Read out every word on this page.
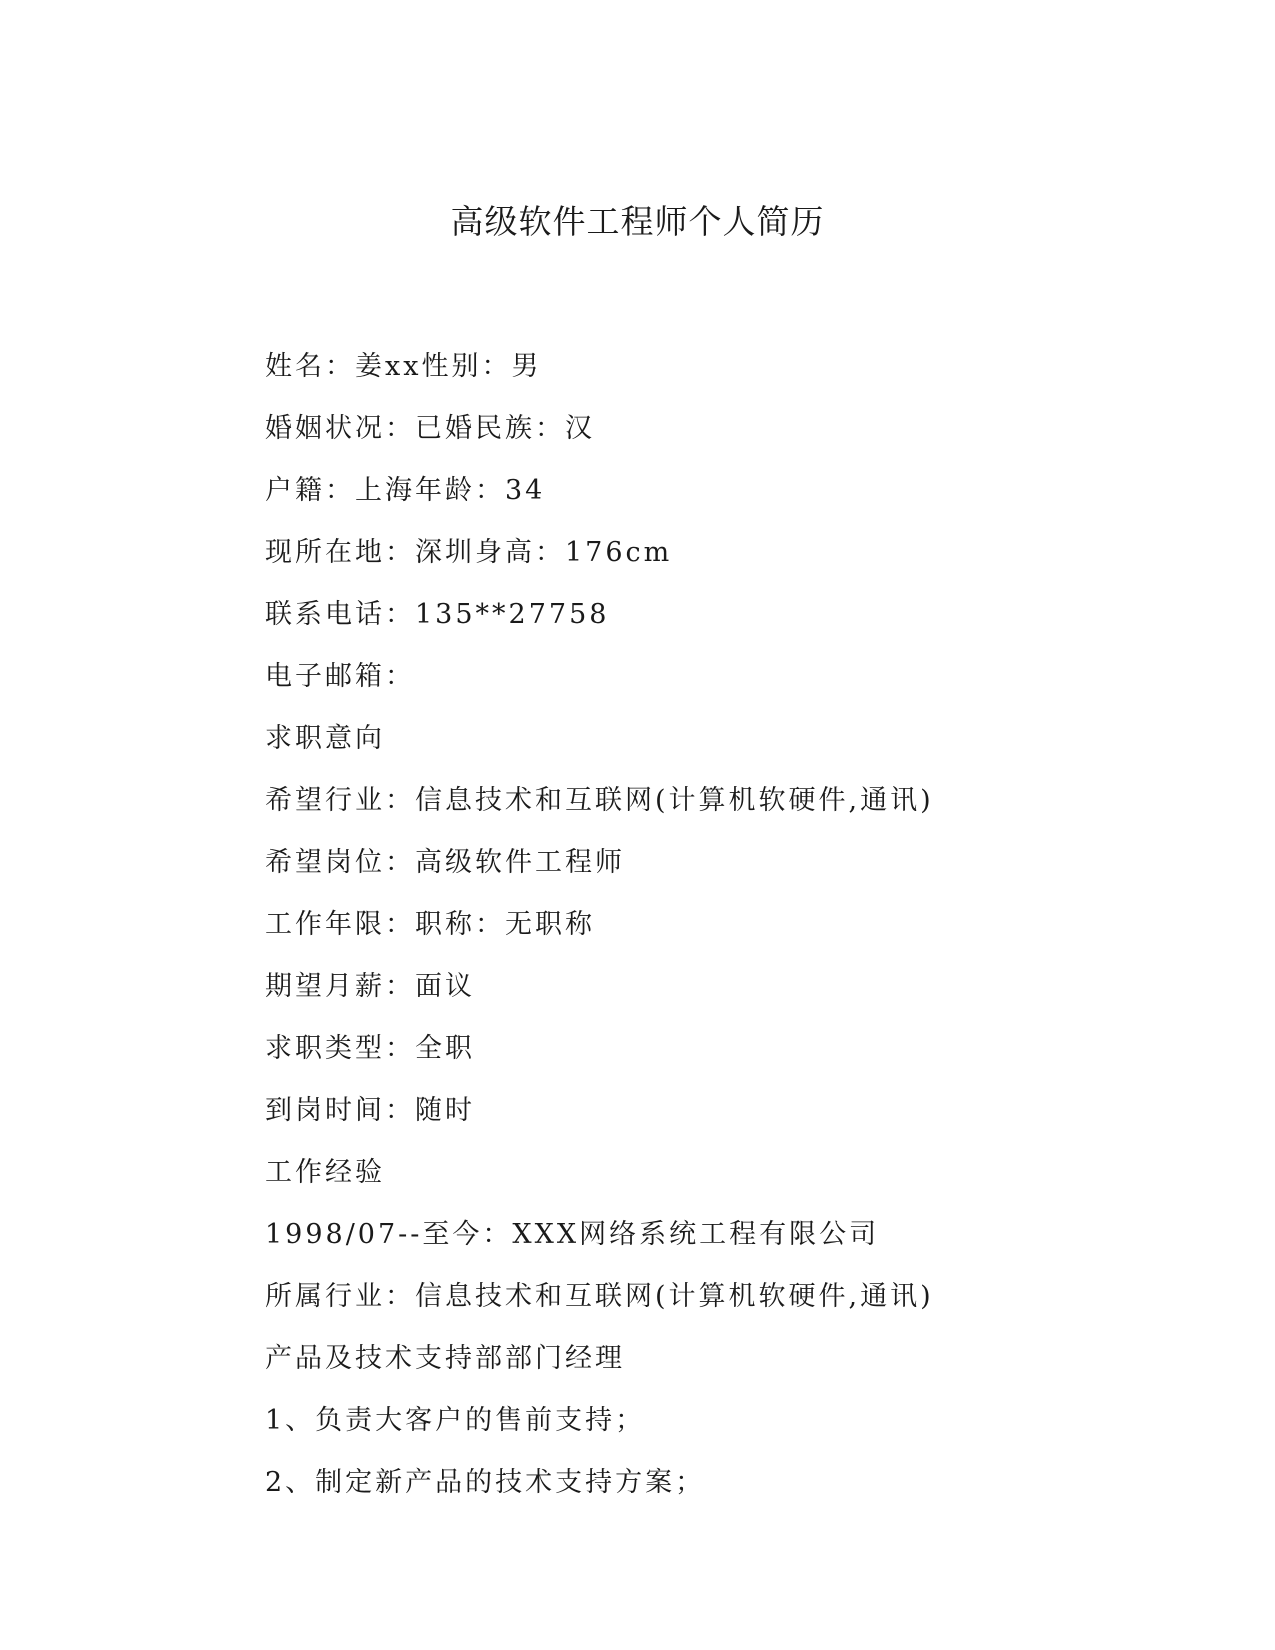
高级软件工程师个人简历

姓名：姜xx性别：男

婚姻状况：已婚民族：汉

户籍：上海年龄：34

现所在地：深圳身高：176cm

联系电话：135**27758

电子邮箱：

求职意向

希望行业：信息技术和互联网(计算机软硬件,通讯)

希望岗位：高级软件工程师

工作年限：职称：无职称

期望月薪：面议

求职类型：全职

到岗时间：随时

工作经验

1998/07--至今：XXX网络系统工程有限公司

所属行业：信息技术和互联网(计算机软硬件,通讯)

产品及技术支持部部门经理

1、负责大客户的售前支持；

2、制定新产品的技术支持方案；
